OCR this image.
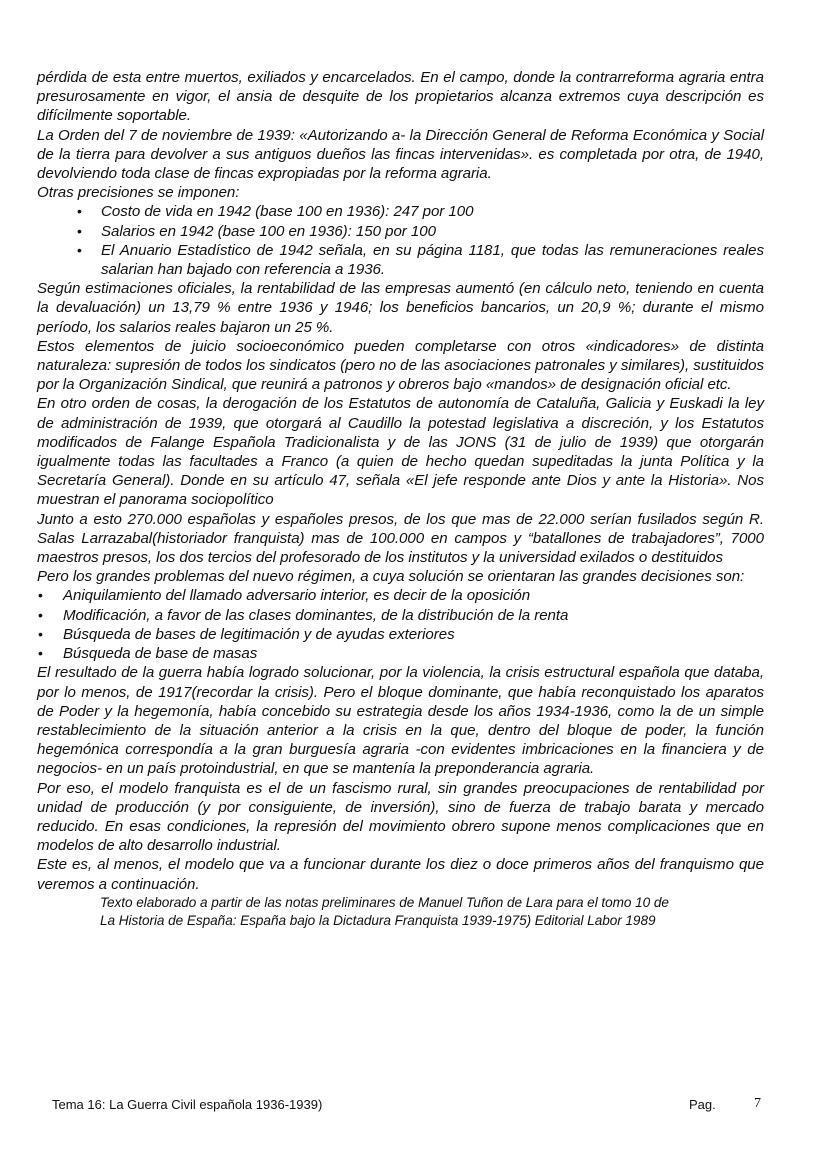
pérdida de esta entre muertos, exiliados y encarcelados. En el campo, donde la contrarreforma agraria entra presurosamente en vigor, el ansia de desquite de los propietarios alcanza extremos cuya descripción es difícilmente soportable.

La Orden del 7 de noviembre de 1939: «Autorizando a- la Dirección General de Reforma Económica y Social de la tierra para devolver a sus antiguos dueños las fincas intervenidas». es completada por otra, de 1940, devolviendo toda clase de fincas expropiadas por la reforma agraria.

Otras precisiones se imponen:

• Costo de vida en 1942 (base 100 en 1936): 247 por 100
• Salarios en 1942 (base 100 en 1936): 150 por 100
• El Anuario Estadístico de 1942 señala, en su página 1181, que todas las remuneraciones reales salarian han bajado con referencia a 1936.

Según estimaciones oficiales, la rentabilidad de las empresas aumentó (en cálculo neto, teniendo en cuenta la devaluación) un 13,79 % entre 1936 y 1946; los beneficios bancarios, un 20,9 %; durante el mismo período, los salarios reales bajaron un 25 %.

Estos elementos de juicio socioeconómico pueden completarse con otros «indicadores» de distinta naturaleza: supresión de todos los sindicatos (pero no de las asociaciones patronales y similares), sustituidos por la Organización Sindical, que reunirá a patronos y obreros bajo «mandos» de designación oficial etc.

En otro orden de cosas, la derogación de los Estatutos de autonomía de Cataluña, Galicia y Euskadi la ley de administración de 1939, que otorgará al Caudillo la potestad legislativa a discreción, y los Estatutos modificados de Falange Española Tradicionalista y de las JONS (31 de julio de 1939) que otorgarán igualmente todas las facultades a Franco (a quien de hecho quedan supeditadas la junta Política y la Secretaría General). Donde en su artículo 47, señala «El jefe responde ante Dios y ante la Historia». Nos muestran el panorama sociopolítico

Junto a esto 270.000 españolas y españoles presos, de los que mas de 22.000 serían fusilados según R. Salas Larrazabal(historiador franquista) mas de 100.000 en campos y “batallones de trabajadores”, 7000 maestros presos, los dos tercios del profesorado de los institutos y la universidad exilados o destituidos

Pero los grandes problemas del nuevo régimen, a cuya solución se orientaran las grandes decisiones son:

• Aniquilamiento del llamado adversario interior, es decir de la oposición
• Modificación, a favor de las clases dominantes, de la distribución de la renta
• Búsqueda de bases de legitimación y de ayudas exteriores
• Búsqueda de base de masas

El resultado de la guerra había logrado solucionar, por la violencia, la crisis estructural española que databa, por lo menos, de 1917(recordar la crisis). Pero el bloque dominante, que había reconquistado los aparatos de Poder y la hegemonía, había concebido su estrategia desde los años 1934-1936, como la de un simple restablecimiento de la situación anterior a la crisis en la que, dentro del bloque de poder, la función hegemónica correspondía a la gran burguesía agraria -con evidentes imbricaciones en la financiera y de negocios- en un país protoindustrial, en que se mantenía la preponderancia agraria.

Por eso, el modelo franquista es el de un fascismo rural, sin grandes preocupaciones de rentabilidad por unidad de producción (y por consiguiente, de inversión), sino de fuerza de trabajo barata y mercado reducido. En esas condiciones, la represión del movimiento obrero supone menos complicaciones que en modelos de alto desarrollo industrial.

Este es, al menos, el modelo que va a funcionar durante los diez o doce primeros años del franquismo que veremos a continuación.

Texto elaborado a partir de las notas preliminares de Manuel Tuñon de Lara para el tomo 10 de
La Historia de España: España bajo la Dictadura Franquista 1939-1975) Editorial Labor 1989

Tema 16: La Guerra Civil española 1936-1939)	Pag.	7
